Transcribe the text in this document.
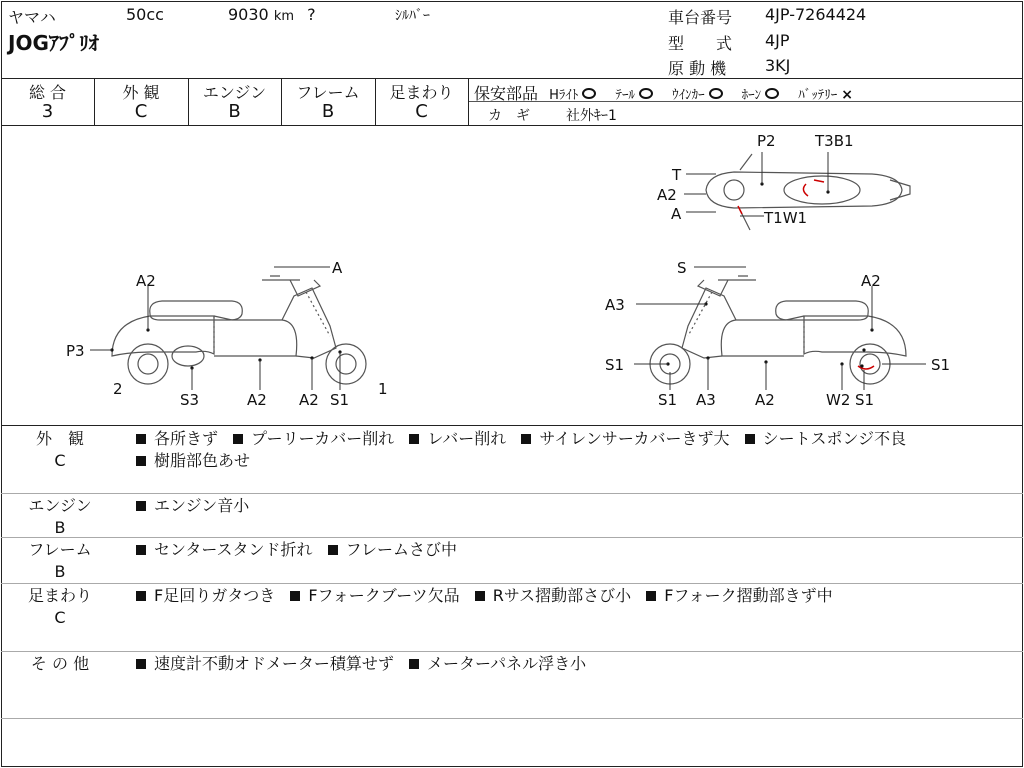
ヤマハ	50cc	9030 km ?	ｼﾙﾊﾞｰ
JOGｱﾌﾟﾘｵ
車台番号 4JP-7264424
型　　式 4JP
原 動 機 3KJ
総 合
3
外 観
C
エンジン
B
フレーム
B
足まわり
C
保安部品 Hﾗｲﾄ	ﾃｰﾙ	ｳｲﾝｶｰ	ﾎｰﾝ	ﾊﾞｯﾃﾘｰ ×
カ　ギ	社外ｷｰ1
P2	T3B1
T
A2
A	T1W1
A
A2
P3
2
S3	A2 A2 S1
1
S
A2
A3
S1
S1
S1
A3	A2	W2 S1
外　観
C
各所きず プーリーカバー削れ レバー削れ サイレンサーカバーきず大 シートスポンジ不良
樹脂部色あせ
エンジン
B
エンジン音小
フレーム
B
センタースタンド折れ フレームさび中
足まわり
C
F足回りガタつき Fフォークブーツ欠品 Rサス摺動部さび小 Fフォーク摺動部きず中
そ の 他	速度計不動オドメーター積算せず メーターパネル浮き小
